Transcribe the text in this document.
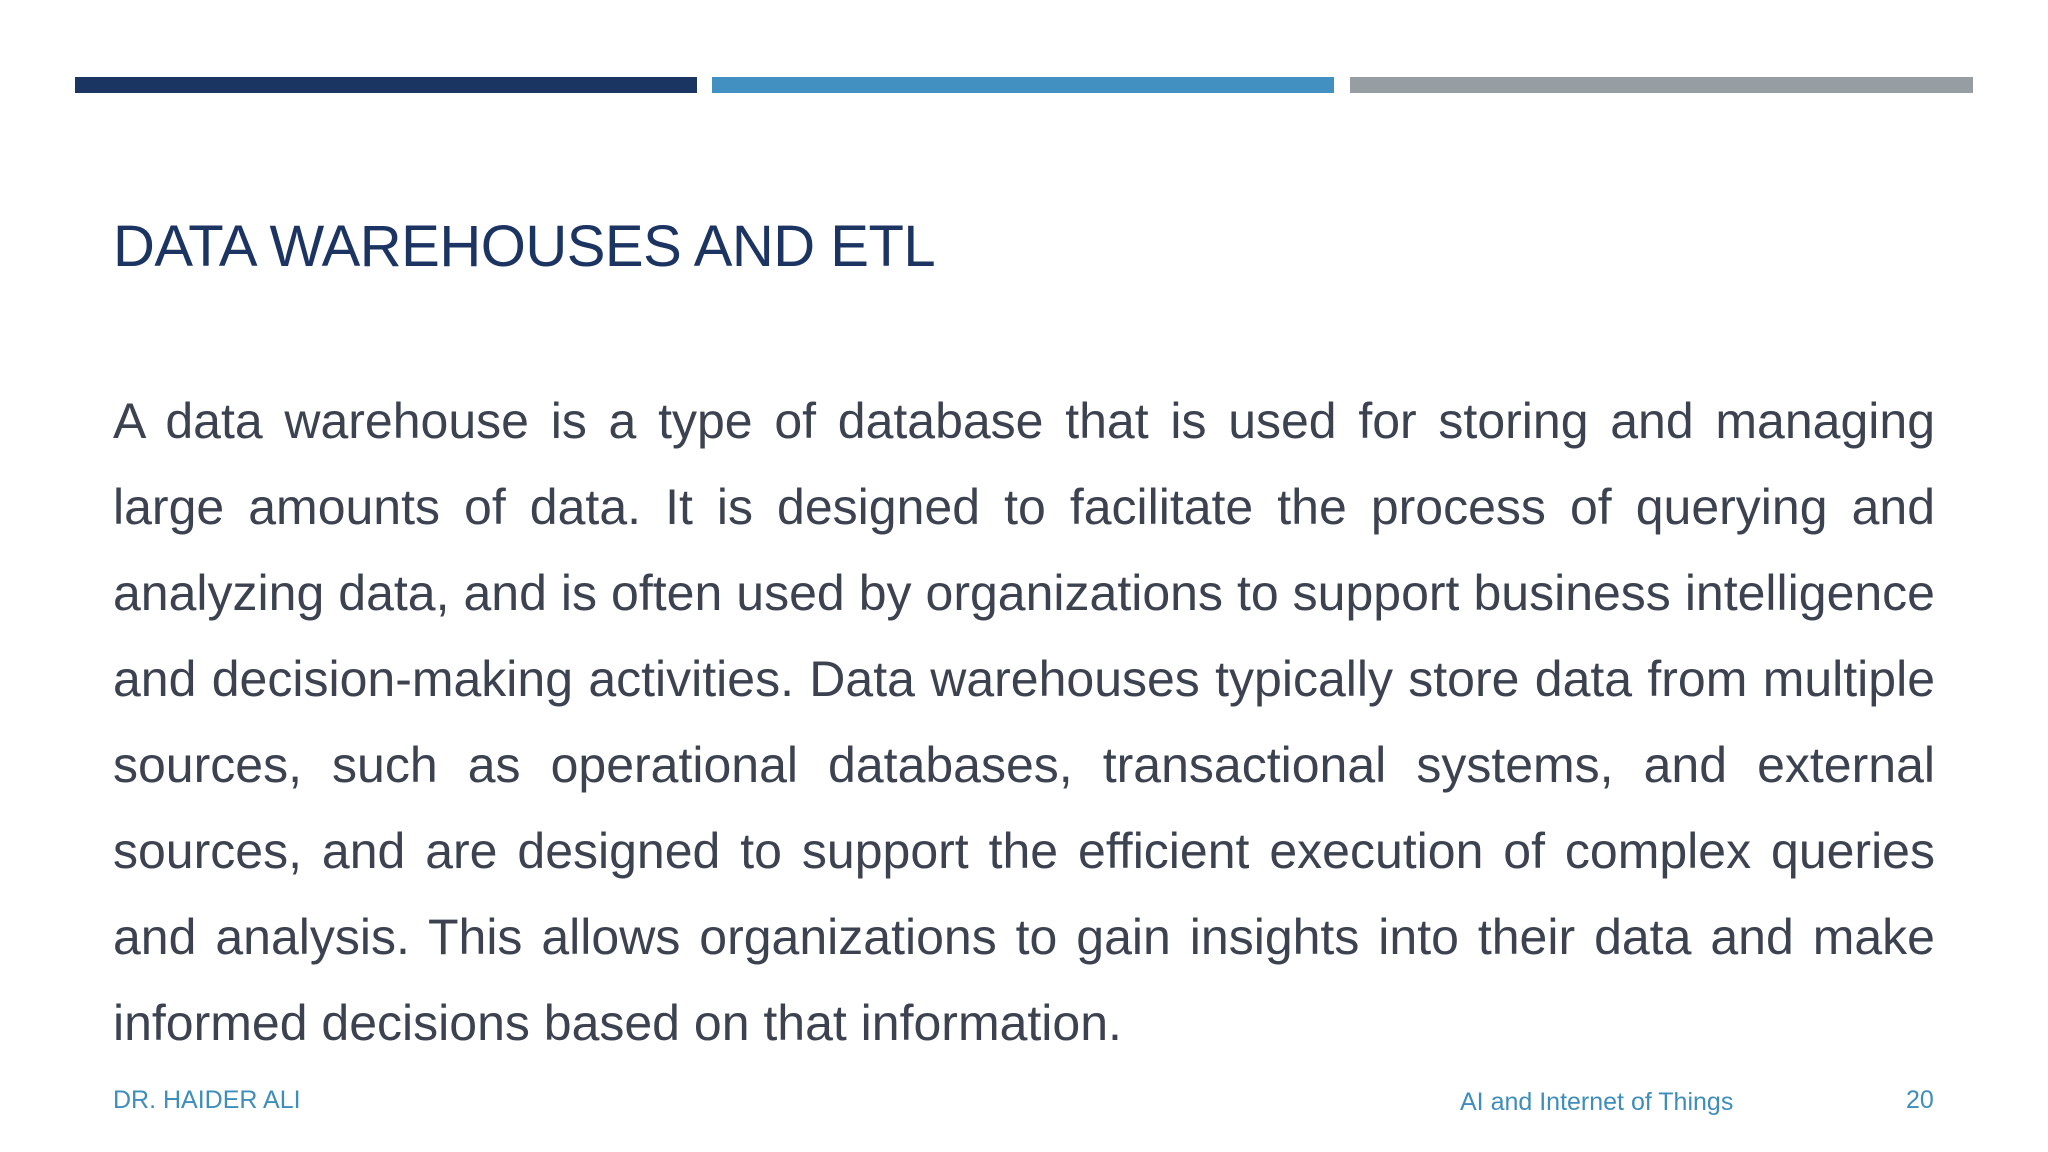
DATA WAREHOUSES AND ETL

A data warehouse is a type of database that is used for storing and managing large amounts of data. It is designed to facilitate the process of querying and analyzing data, and is often used by organizations to support business intelligence and decision-making activities. Data warehouses typically store data from multiple sources, such as operational databases, transactional systems, and external sources, and are designed to support the efficient execution of complex queries and analysis. This allows organizations to gain insights into their data and make informed decisions based on that information.

DR. HAIDER ALI	AI and Internet of Things	20
